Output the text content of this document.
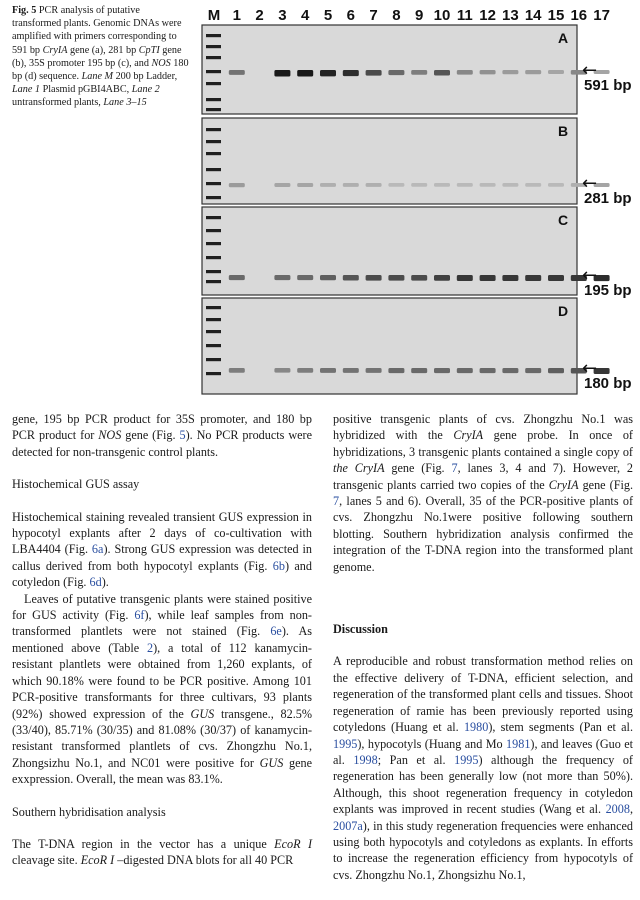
Fig. 5 PCR analysis of putative transformed plants. Genomic DNAs were amplified with primers corresponding to 591 bp CryIA gene (a), 281 bp CpTI gene (b), 35S promoter 195 bp (c), and NOS 180 bp (d) sequence. Lane M 200 bp Ladder, Lane 1 Plasmid pGBI4ABC, Lane 2 untransformed plants, Lane 3–15
M 1 2 3 4 5 6 7 8 9 10 11 12 13 14 15 16 17
A
←
591 bp
B
←
281 bp
C
←
195 bp
D
←
180 bp

gene, 195 bp PCR product for 35S promoter, and 180 bp PCR product for NOS gene (Fig. 5). No PCR products were detected for non-transgenic control plants.

Histochemical GUS assay

Histochemical staining revealed transient GUS expression in hypocotyl explants after 2 days of co-cultivation with LBA4404 (Fig. 6a). Strong GUS expression was detected in callus derived from both hypocotyl explants (Fig. 6b) and cotyledon (Fig. 6d).

Leaves of putative transgenic plants were stained positive for GUS activity (Fig. 6f), while leaf samples from non-transformed plantlets were not stained (Fig. 6e). As mentioned above (Table 2), a total of 112 kanamycin-resistant plantlets were obtained from 1,260 explants, of which 90.18% were found to be PCR positive. Among 101 PCR-positive transformants for three cultivars, 93 plants (92%) showed expression of the GUS transgene., 82.5% (33/40), 85.71% (30/35) and 81.08% (30/37) of kanamycin-resistant transformed plantlets of cvs. Zhongzhu No.1, Zhongsizhu No.1, and NC01 were positive for GUS gene exxpression. Overall, the mean was 83.1%.

Southern hybridisation analysis

The T-DNA region in the vector has a unique EcoR I cleavage site. EcoR I –digested DNA blots for all 40 PCR

positive transgenic plants of cvs. Zhongzhu No.1 was hybridized with the CryIA gene probe. In once of hybridizations, 3 transgenic plants contained a single copy of the CryIA gene (Fig. 7, lanes 3, 4 and 7). However, 2 transgenic plants carried two copies of the CryIA gene (Fig. 7, lanes 5 and 6). Overall, 35 of the PCR-positive plants of cvs. Zhongzhu No.1were positive following southern blotting. Southern hybridization analysis confirmed the integration of the T-DNA region into the transformed plant genome.

Discussion

A reproducible and robust transformation method relies on the effective delivery of T-DNA, efficient selection, and regeneration of the transformed plant cells and tissues. Shoot regeneration of ramie has been previously reported using cotyledons (Huang et al. 1980), stem segments (Pan et al. 1995), hypocotyls (Huang and Mo 1981), and leaves (Guo et al. 1998; Pan et al. 1995) although the frequency of regeneration has been generally low (not more than 50%). Although, this shoot regeneration frequency in cotyledon explants was improved in recent studies (Wang et al. 2008, 2007a), in this study regeneration frequencies were enhanced using both hypocotyls and cotyledons as explants. In efforts to increase the regeneration efficiency from hypocotyls of cvs. Zhongzhu No.1, Zhongsizhu No.1,
